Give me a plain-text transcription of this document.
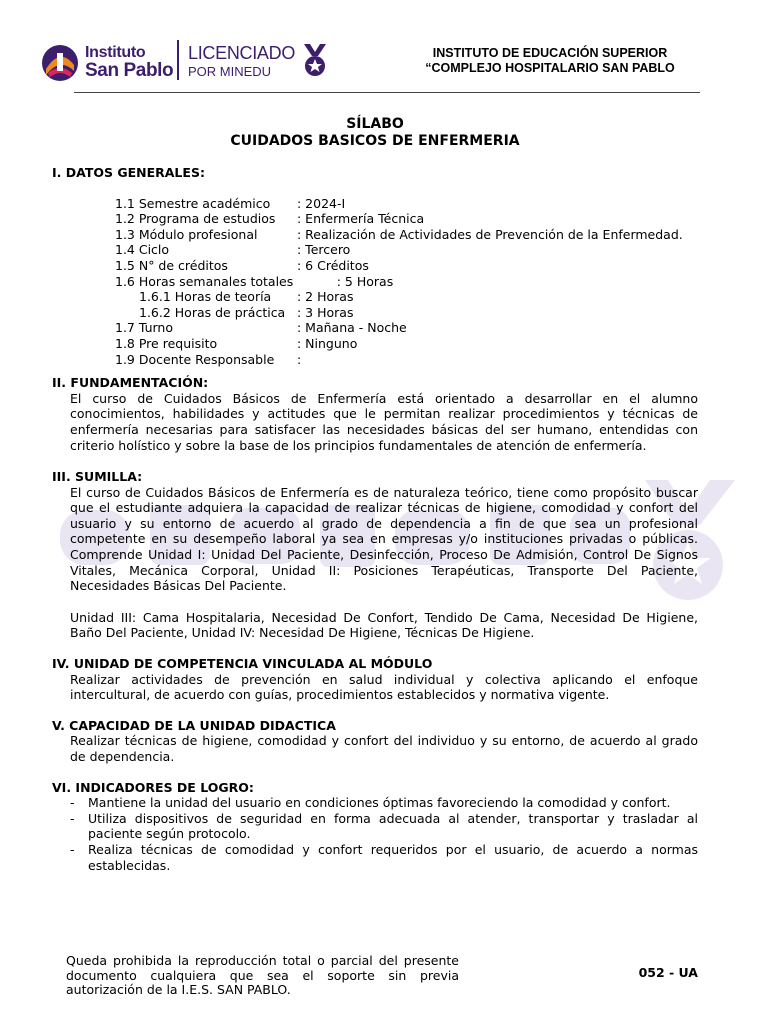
Instituto
San Pablo
LICENCIADO
POR MINEDU
INSTITUTO DE EDUCACIÓN SUPERIOR
“COMPLEJO HOSPITALARIO SAN PABLO
SÍLABO
CUIDADOS BASICOS DE ENFERMERIA
I. DATOS GENERALES:
1.1 Semestre académico	: 2024-I
1.2 Programa de estudios	: Enfermería Técnica
1.3 Módulo profesional	: Realización de Actividades de Prevención de la Enfermedad.
1.4 Ciclo	: Tercero
1.5 N° de créditos	: 6 Créditos
1.6 Horas semanales totales : 5 Horas
1.6.1 Horas de teoría	: 2 Horas
1.6.2 Horas de práctica : 3 Horas
1.7 Turno	: Mañana - Noche
1.8 Pre requisito	: Ninguno
1.9 Docente Responsable	:
II. FUNDAMENTACIÓN:

El curso de Cuidados Básicos de Enfermería está orientado a desarrollar en el alumno conocimientos, habilidades y actitudes que le permitan realizar procedimientos y técnicas de enfermería necesarias para satisfacer las necesidades básicas del ser humano, entendidas con criterio holístico y sobre la base de los principios fundamentales de atención de enfermería.

III. SUMILLA:

El curso de Cuidados Básicos de Enfermería es de naturaleza teórico, tiene como propósito buscar que el estudiante adquiera la capacidad de realizar técnicas de higiene, comodidad y confort del usuario y su entorno de acuerdo al grado de dependencia a fin de que sea un profesional competente en su desempeño laboral ya sea en empresas y/o instituciones privadas o públicas. Comprende Unidad I: Unidad Del Paciente, Desinfección, Proceso De Admisión, Control De Signos Vitales, Mecánica Corporal, Unidad II: Posiciones Terapéuticas, Transporte Del Paciente, Necesidades Básicas Del Paciente.

Unidad III: Cama Hospitalaria, Necesidad De Confort, Tendido De Cama, Necesidad De Higiene, Baño Del Paciente, Unidad IV: Necesidad De Higiene, Técnicas De Higiene.

IV. UNIDAD DE COMPETENCIA VINCULADA AL MÓDULO

Realizar actividades de prevención en salud individual y colectiva aplicando el enfoque intercultural, de acuerdo con guías, procedimientos establecidos y normativa vigente.

V. CAPACIDAD DE LA UNIDAD DIDACTICA

Realizar técnicas de higiene, comodidad y confort del individuo y su entorno, de acuerdo al grado de dependencia.

VI. INDICADORES DE LOGRO:
- Mantiene la unidad del usuario en condiciones óptimas favoreciendo la comodidad y confort.
- Utiliza dispositivos de seguridad en forma adecuada al atender, transportar y trasladar al paciente según protocolo.
- Realiza técnicas de comodidad y confort requeridos por el usuario, de acuerdo a normas establecidas.
Queda prohibida la reproducción total o parcial del presente documento cualquiera que sea el soporte sin previa autorización de la I.E.S. SAN PABLO.
052 - UA
